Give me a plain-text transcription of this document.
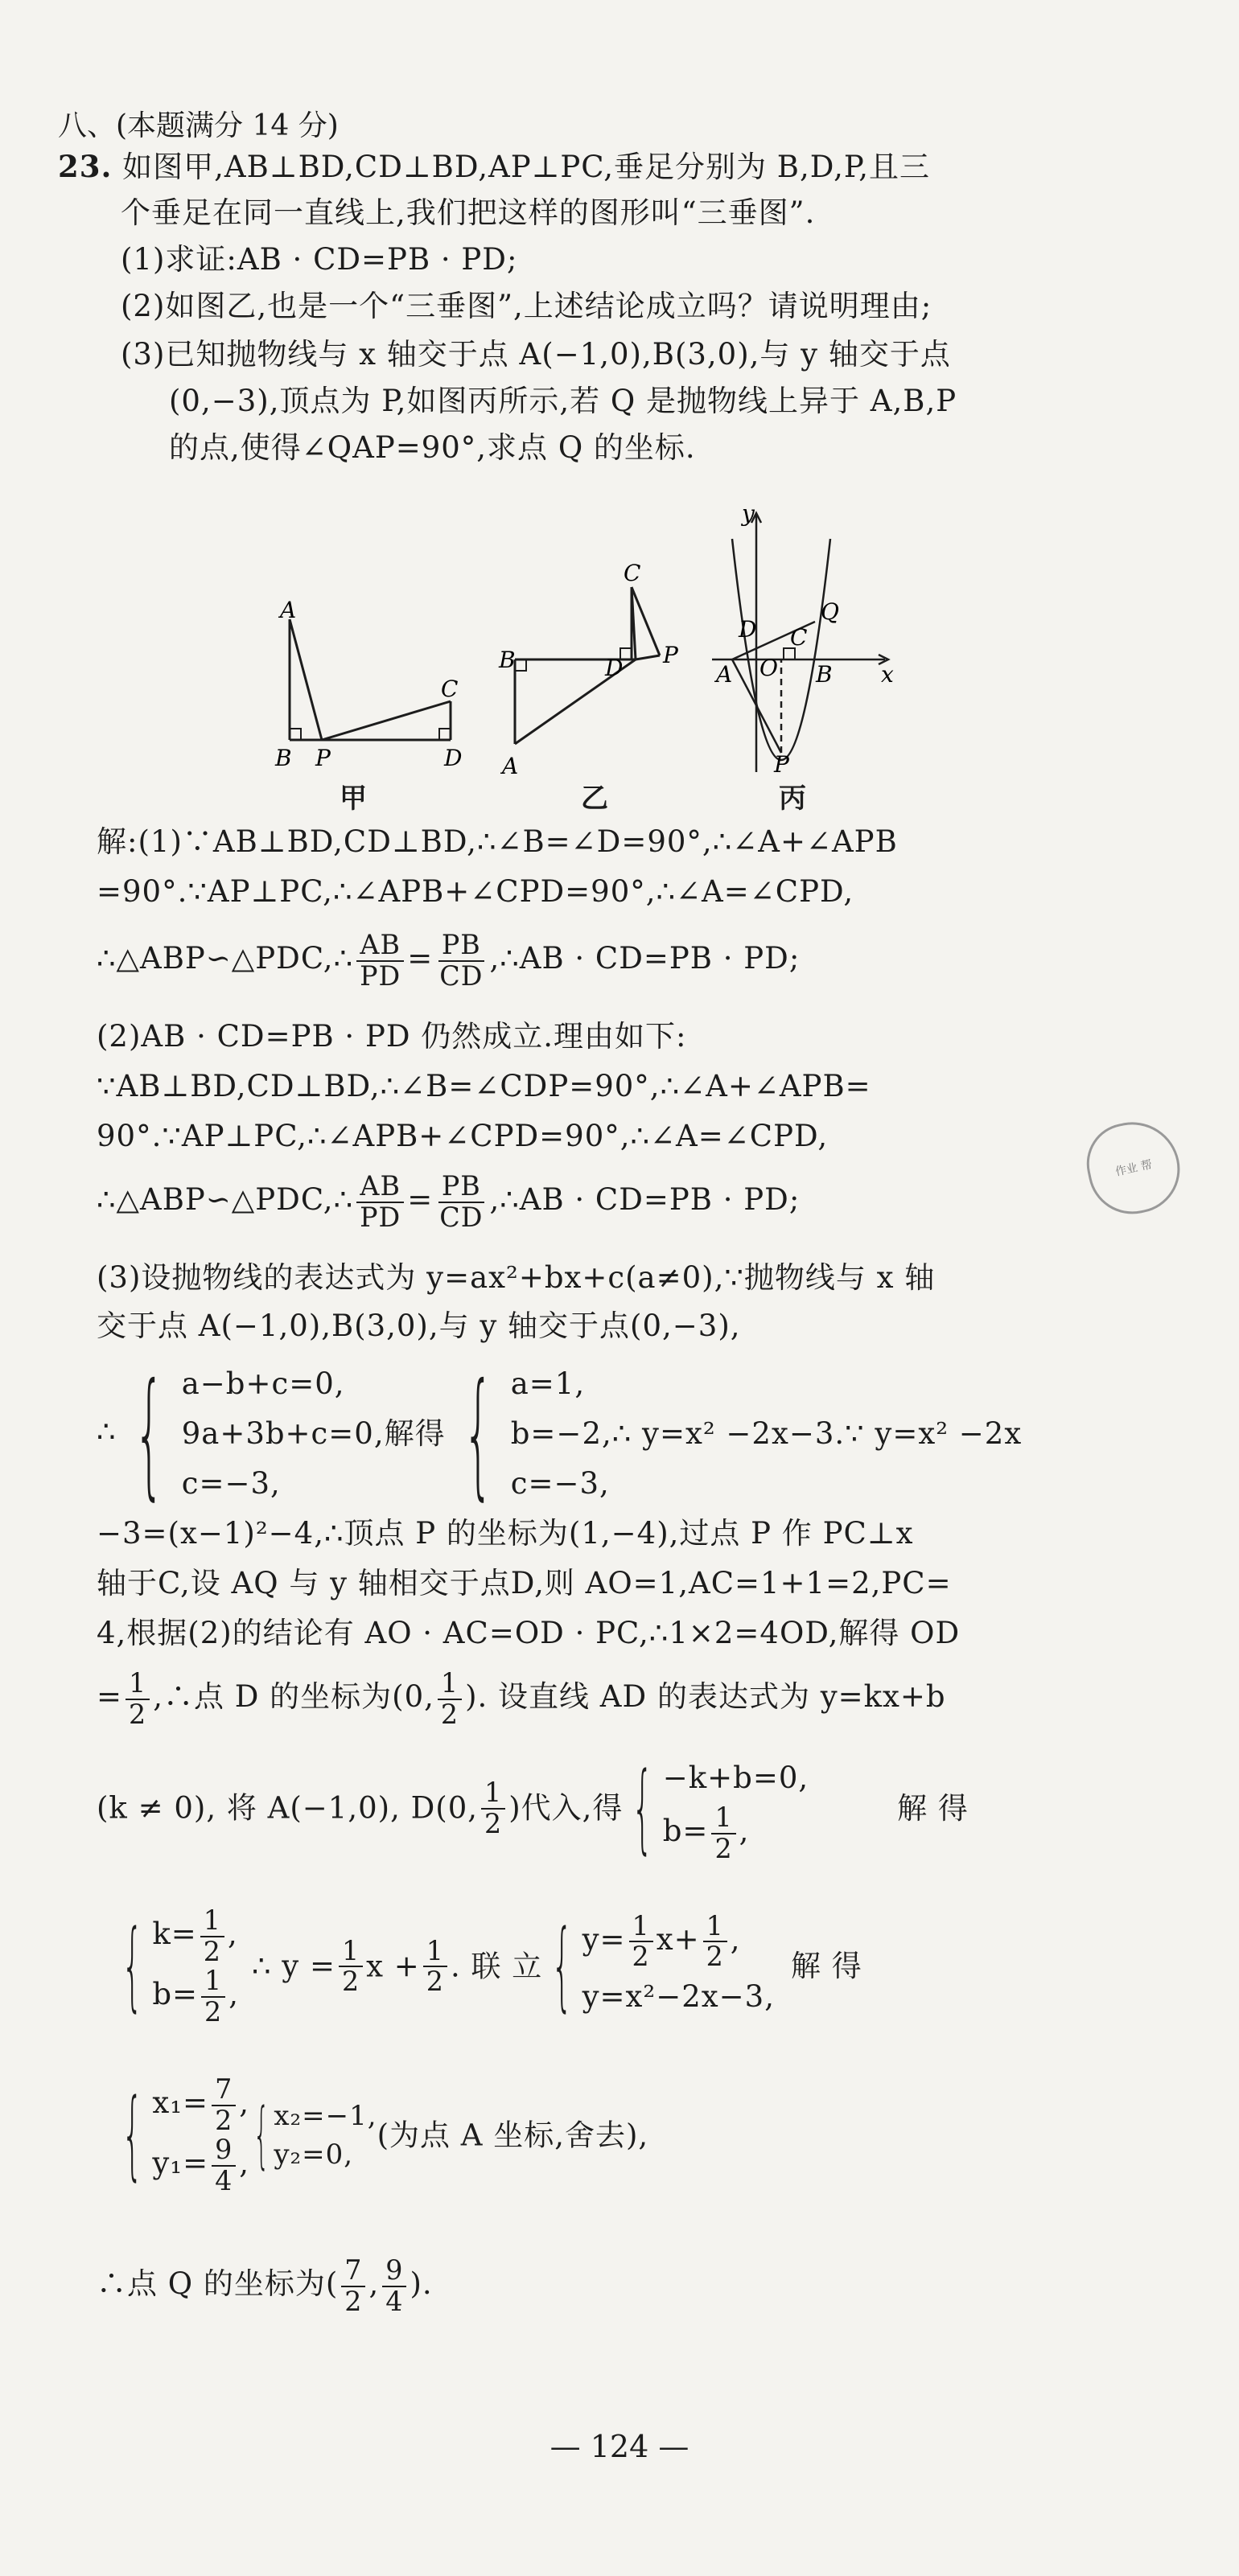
八、(本题满分 14 分)
23. 如图甲,AB⊥BD,CD⊥BD,AP⊥PC,垂足分别为 B,D,P,且三
个垂足在同一直线上,我们把这样的图形叫“三垂图”.
(1)求证:AB · CD=PB · PD;
(2)如图乙,也是一个“三垂图”,上述结论成立吗？请说明理由;
(3)已知抛物线与 x 轴交于点 A(−1,0),B(3,0),与 y 轴交于点
(0,−3),顶点为 P,如图丙所示,若 Q 是抛物线上异于 A,B,P
的点,使得∠QAP=90°,求点 Q 的坐标.
A
B P
C
D
甲
B
A
C
D P
乙
y
x
O
A	B
C
D
P
Q
丙
解:(1)∵AB⊥BD,CD⊥BD,∴∠B=∠D=90°,∴∠A+∠APB
=90°.∵AP⊥PC,∴∠APB+∠CPD=90°,∴∠A=∠CPD,
∴△ABP∽△PDC,∴ $\frac{AB}{PD} = \frac{PB}{CD}$ ,∴AB · CD=PB · PD;
(2)AB · CD=PB · PD 仍然成立.理由如下:
∵AB⊥BD,CD⊥BD,∴∠B=∠CDP=90°,∴∠A+∠APB=
90°.∵AP⊥PC,∴∠APB+∠CPD=90°,∴∠A=∠CPD,
∴△ABP∽△PDC,∴ $\frac{AB}{PD} = \frac{PB}{CD}$ ,∴AB · CD=PB · PD;
(3)设抛物线的表达式为 y=ax²+bx+c(a≠0),∵抛物线与 x 轴
交于点 A(−1,0),B(3,0),与 y 轴交于点(0,−3),
∴ { a−b+c=0,
9a+3b+c=0,
c=−3,
解得 { a=1,
b=−2,
c=−3,
∴ y=x² −2x−3.∵ y=x² −2x
−3=(x−1)²−4,∴顶点 P 的坐标为(1,−4),过点 P 作 PC⊥x
轴于C,设 AQ 与 y 轴相交于点D,则 AO=1,AC=1+1=2,PC=
4,根据(2)的结论有 AO · AC=OD · PC,∴1×2=4OD,解得 OD
= $\frac{1}{2}$ ,∴点 D 的坐标为(0, $\frac{1}{2}$ ). 设直线 AD 的表达式为 y=kx+b
(k ≠ 0), 将 A(−1,0), D(0, $\frac{1}{2}$ )代入,得 { −k+b=0,
$b= \frac{1}{2}$ ,
解 得
{ $k= \frac{1}{2}$ ,
$b= \frac{1}{2}$ ,
∴ $y = \frac{1}{2}$ $x + \frac{1}{2}$ . 联 立 { $y= \frac{1}{2} x+ \frac{1}{2}$ ,
y=x²−2x−3,
解 得
{ $x_1= \frac{7}{2}$ ,
$y_1= \frac{9}{4}$ , { x₂=−1,
y₂=0,
(为点 A 坐标,舍去),
∴点 Q 的坐标为( $\frac{7}{2}$ , $\frac{9}{4}$ ).
作业 帮
— 124 —
